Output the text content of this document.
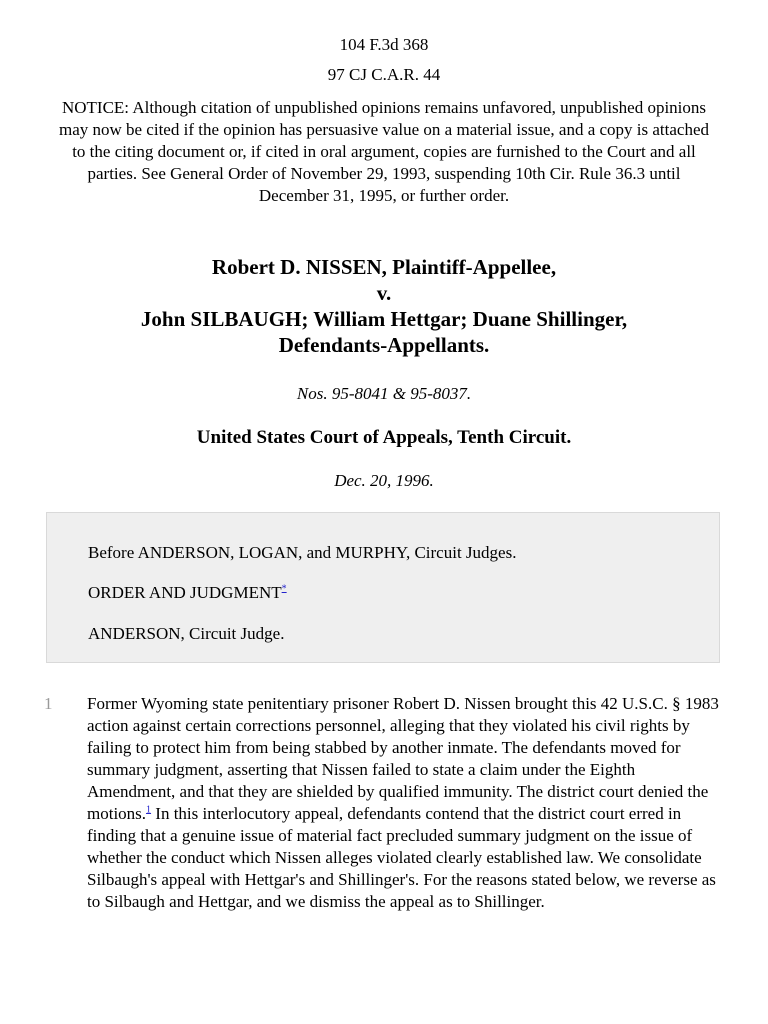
104 F.3d 368
97 CJ C.A.R. 44
NOTICE: Although citation of unpublished opinions remains unfavored, unpublished opinions may now be cited if the opinion has persuasive value on a material issue, and a copy is attached to the citing document or, if cited in oral argument, copies are furnished to the Court and all parties. See General Order of November 29, 1993, suspending 10th Cir. Rule 36.3 until December 31, 1995, or further order.
Robert D. NISSEN, Plaintiff-Appellee,
v.
John SILBAUGH; William Hettgar; Duane Shillinger,
Defendants-Appellants.
Nos. 95-8041 & 95-8037.
United States Court of Appeals, Tenth Circuit.
Dec. 20, 1996.
Before ANDERSON, LOGAN, and MURPHY, Circuit Judges.
ORDER AND JUDGMENT*
ANDERSON, Circuit Judge.
1 Former Wyoming state penitentiary prisoner Robert D. Nissen brought this 42 U.S.C. § 1983 action against certain corrections personnel, alleging that they violated his civil rights by failing to protect him from being stabbed by another inmate. The defendants moved for summary judgment, asserting that Nissen failed to state a claim under the Eighth Amendment, and that they are shielded by qualified immunity. The district court denied the motions.$^1$ In this interlocutory appeal, defendants contend that the district court erred in finding that a genuine issue of material fact precluded summary judgment on the issue of whether the conduct which Nissen alleges violated clearly established law. We consolidate Silbaugh's appeal with Hettgar's and Shillinger's. For the reasons stated below, we reverse as to Silbaugh and Hettgar, and we dismiss the appeal as to Shillinger.
